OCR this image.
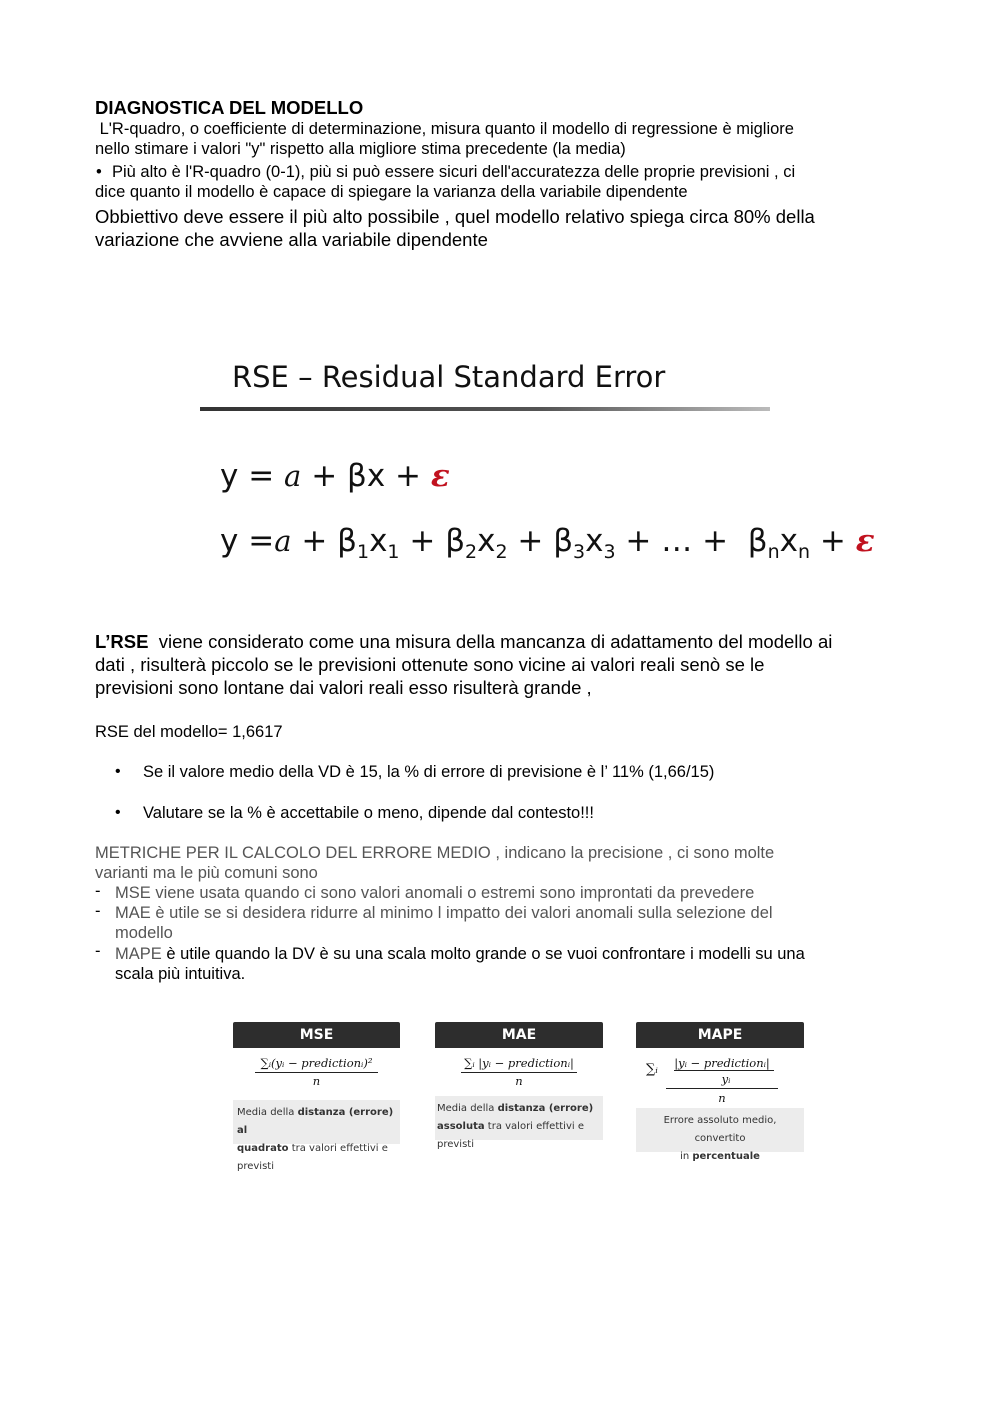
DIAGNOSTICA DEL MODELLO
L'R-quadro, o coefficiente di determinazione, misura quanto il modello di regressione è migliore
nello stimare i valori "y" rispetto alla migliore stima precedente (la media)
• Più alto è l'R-quadro (0-1), più si può essere sicuri dell'accuratezza delle proprie previsioni , ci
dice quanto il modello è capace di spiegare la varianza della variabile dipendente
Obbiettivo deve essere il più alto possibile , quel modello relativo spiega circa 80% della
variazione che avviene alla variabile dipendente
RSE – Residual Standard Error
y = a + βx + ε
$y =a + \beta_1x_1 + \beta_2x_2 + \beta_3x_3$ + … +  $\beta_nx_n + \varepsilon$
L’RSE  viene considerato come una misura della mancanza di adattamento del modello ai
dati , risulterà piccolo se le previsioni ottenute sono vicine ai valori reali senò se le
previsioni sono lontane dai valori reali esso risulterà grande ,
RSE del modello= 1,6617
• Se il valore medio della VD è 15, la % di errore di previsione è l’ 11% (1,66/15)
• Valutare se la % è accettabile o meno, dipende dal contesto!!!
METRICHE PER IL CALCOLO DEL ERRORE MEDIO , indicano la precisione , ci sono molte
varianti ma le più comuni sono
- MSE viene usata quando ci sono valori anomali o estremi sono improntati da prevedere
- MAE è utile se si desidera ridurre al minimo l impatto dei valori anomali sulla selezione del
modello
- MAPE è utile quando la DV è su una scala molto grande o se vuoi confrontare i modelli su una
scala più intuitiva.
MSE
∑ᵢ(yᵢ − predictionᵢ)²
n
Media della distanza (errore) al
quadrato tra valori effettivi e previsti
MAE
∑ᵢ |yᵢ − predictionᵢ|
n
Media della distanza (errore)
assoluta tra valori effettivi e previsti
MAPE
∑ᵢ	|yᵢ − predictionᵢ|
yᵢ
n
Errore assoluto medio, convertito
in percentuale
